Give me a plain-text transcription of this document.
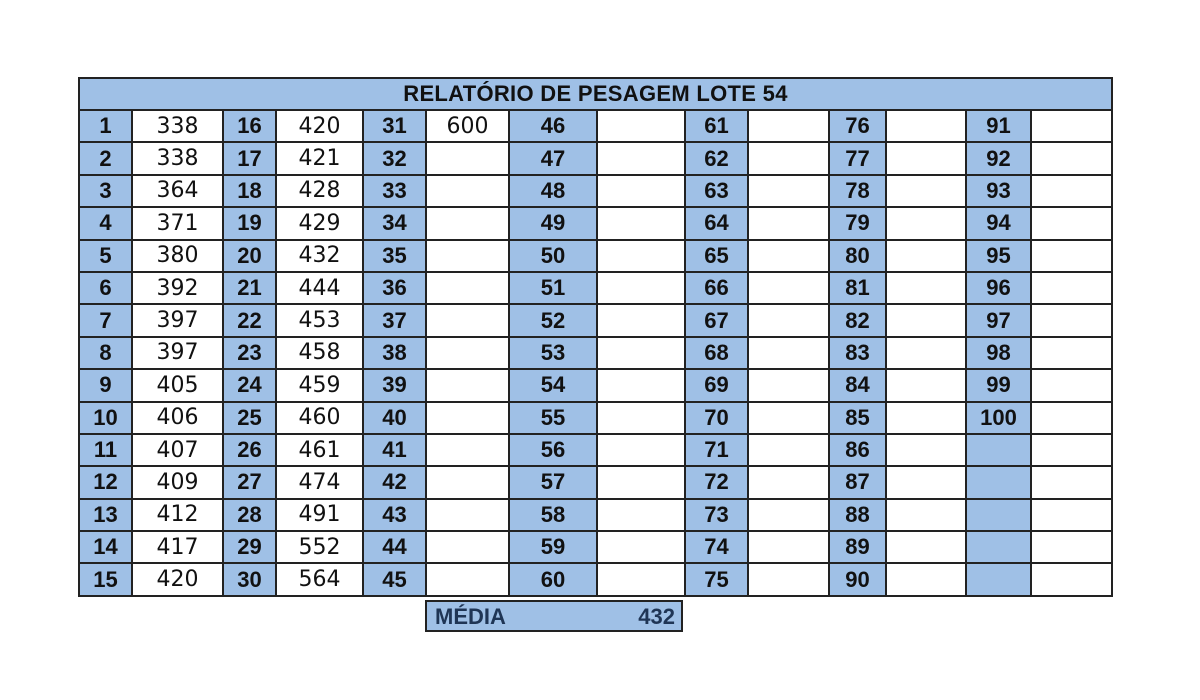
RELATÓRIO DE PESAGEM LOTE 54													
1	338	16	420	31	600	46		61		76		91	
2	338	17	421	32		47		62		77		92	
3	364	18	428	33		48		63		78		93	
4	371	19	429	34		49		64		79		94	
5	380	20	432	35		50		65		80		95	
6	392	21	444	36		51		66		81		96	
7	397	22	453	37		52		67		82		97	
8	397	23	458	38		53		68		83		98	
9	405	24	459	39		54		69		84		99	
10	406	25	460	40		55		70		85		100	
11	407	26	461	41		56		71		86			
12	409	27	474	42		57		72		87			
13	412	28	491	43		58		73		88			
14	417	29	552	44		59		74		89			
15	420	30	564	45		60		75		90			
MÉDIA	432
